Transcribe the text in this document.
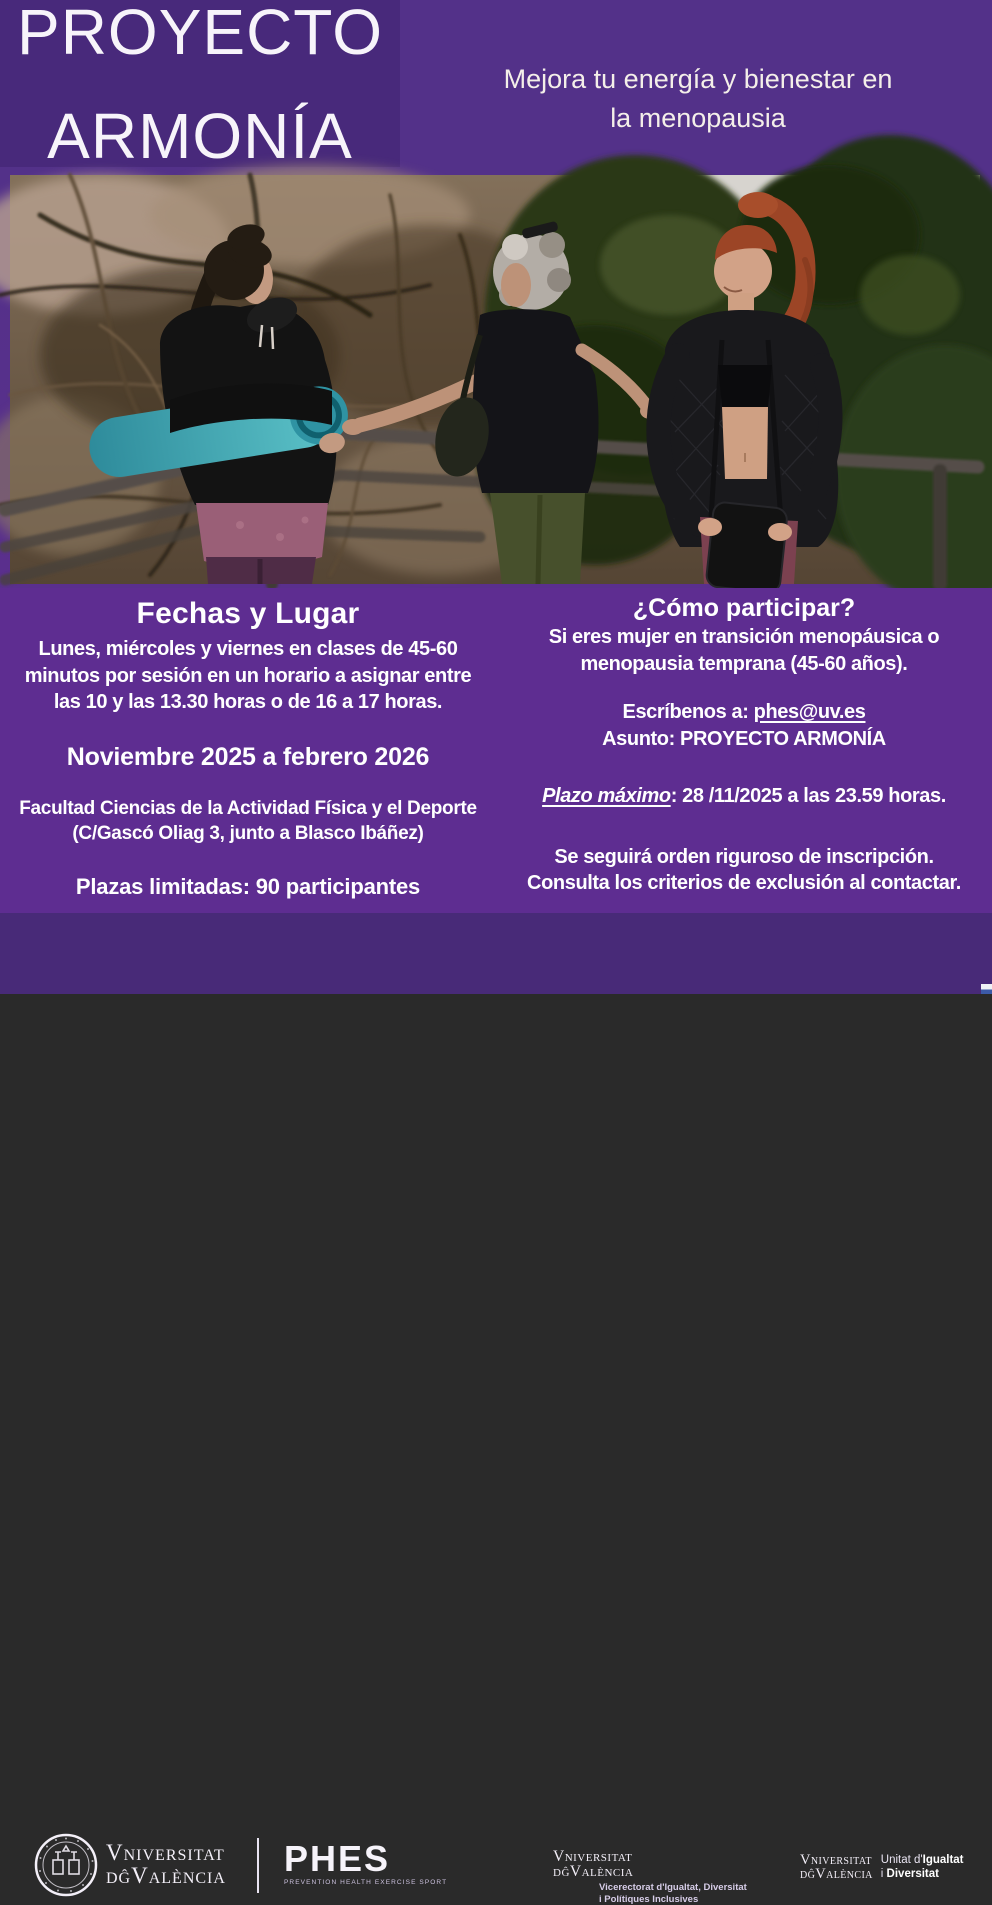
PROYECTO
ARMONÍA
Mejora tu energía y bienestar en
la menopausia
Fechas y Lugar
Lunes, miércoles y viernes en clases de 45-60
minutos por sesión en un horario a asignar entre
las 10 y las 13.30 horas o de 16 a 17 horas.
Noviembre 2025 a febrero 2026
Facultad Ciencias de la Actividad Física y el Deporte
(C/Gascó Oliag 3, junto a Blasco Ibáñez)
Plazas limitadas: 90 participantes
¿Cómo participar?
Si eres mujer en transición menopáusica o
menopausia temprana (45-60 años).
Escríbenos a: phes@uv.es
Asunto: PROYECTO ARMONÍA
Plazo máximo: 28 /11/2025 a las 23.59 horas.
Se seguirá orden riguroso de inscripción.
Consulta los criterios de exclusión al contactar.
Vniversitat
dĝValència PHES
PREVENTION HEALTH EXERCISE SPORT
Vniversitat
dĝValència
Vicerectorat d'Igualtat, Diversitat
i Polítiques Inclusives
Vniversitat
dĝValència
Unitat d'Igualtat
i Diversitat
